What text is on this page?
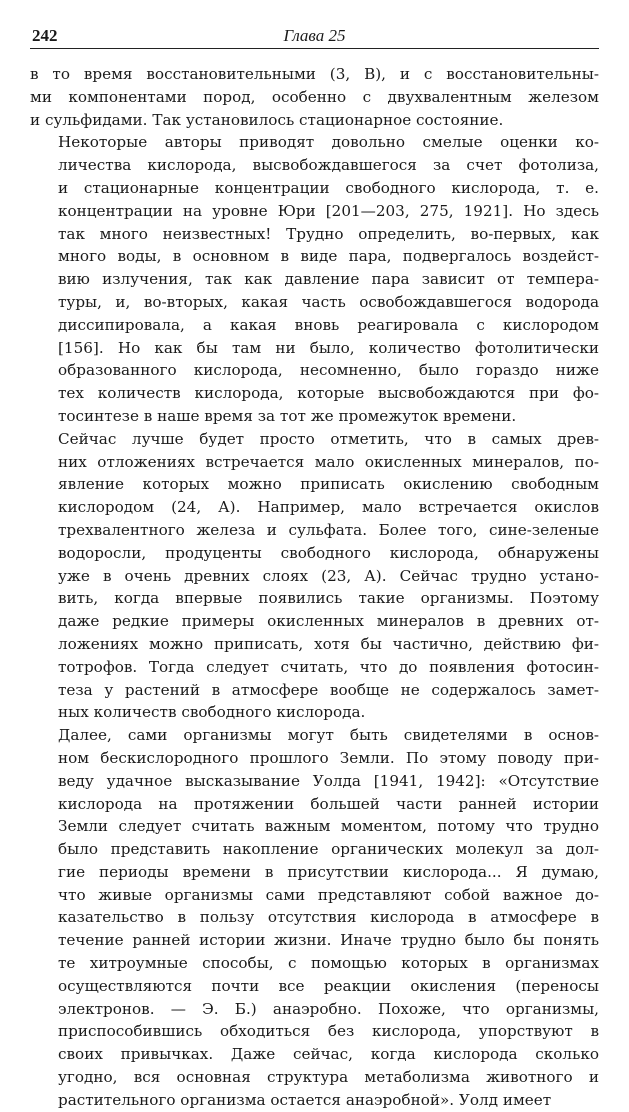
242	Глава 25

в то время восстановительными (3, В), и с восстановительны-
ми компонентами пород, особенно с двухвалентным железом
и сульфидами. Так установилось стационарное состояние.

Некоторые авторы приводят довольно смелые оценки ко-
личества кислорода, высвобождавшегося за счет фотолиза,
и стационарные концентрации свободного кислорода, т. е.
концентрации на уровне Юри [201—203, 275, 1921]. Но здесь
так много неизвестных! Трудно определить, во-первых, как
много воды, в основном в виде пара, подвергалось воздейст-
вию излучения, так как давление пара зависит от темпера-
туры, и, во-вторых, какая часть освобождавшегося водорода
диссипировала, а какая вновь реагировала с кислородом
[156]. Но как бы там ни было, количество фотолитически
образованного кислорода, несомненно, было гораздо ниже
тех количеств кислорода, которые высвобождаются при фо-
тосинтезе в наше время за тот же промежуток времени.

Сейчас лучше будет просто отметить, что в самых древ-
них отложениях встречается мало окисленных минералов, по-
явление которых можно приписать окислению свободным
кислородом (24, А). Например, мало встречается окислов
трехвалентного железа и сульфата. Более того, сине-зеленые
водоросли, продуценты свободного кислорода, обнаружены
уже в очень древних слоях (23, А). Сейчас трудно устано-
вить, когда впервые появились такие организмы. Поэтому
даже редкие примеры окисленных минералов в древних от-
ложениях можно приписать, хотя бы частично, действию фи-
тотрофов. Тогда следует считать, что до появления фотосин-
теза у растений в атмосфере вообще не содержалось замет-
ных количеств свободного кислорода.

Далее, сами организмы могут быть свидетелями в основ-
ном бескислородного прошлого Земли. По этому поводу при-
веду удачное высказывание Уолда [1941, 1942]: «Отсутствие
кислорода на протяжении большей части ранней истории
Земли следует считать важным моментом, потому что трудно
было представить накопление органических молекул за дол-
гие периоды времени в присутствии кислорода... Я думаю,
что живые организмы сами представляют собой важное до-
казательство в пользу отсутствия кислорода в атмосфере в
течение ранней истории жизни. Иначе трудно было бы понять
те хитроумные способы, с помощью которых в организмах
осуществляются почти все реакции окисления (переносы
электронов. — Э. Б.) анаэробно. Похоже, что организмы,
приспособившись обходиться без кислорода, упорствуют в
своих привычках. Даже сейчас, когда кислорода сколько
угодно, вся основная структура метаболизма животного и
растительного организма остается анаэробной». Уолд имеет
